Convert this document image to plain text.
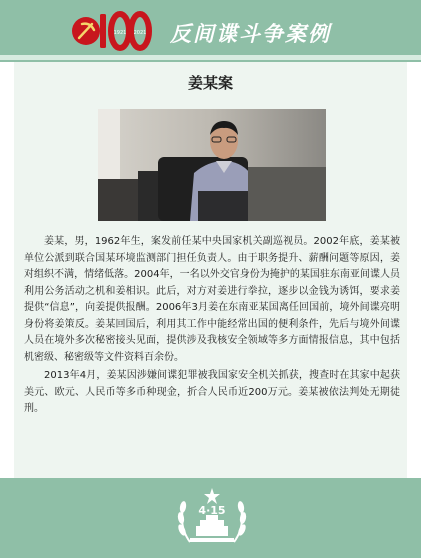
1921 2021 反间谍斗争案例
姜某案

姜某，男，1962年生，案发前任某中央国家机关副巡视员。2002年底，姜某被单位公派到联合国某环境监测部门担任负责人。由于职务提升、薪酬问题等原因，姜对组织不满，情绪低落。2004年，一名以外交官身份为掩护的某国驻东南亚间谍人员利用公务活动之机和姜相识。此后，对方对姜进行拳拉，逐步以金钱为诱饵，要求姜提供“信息”，向姜提供报酬。2006年3月姜在东南亚某国离任回国前，境外间谍亮明身份将姜策反。姜某回国后，利用其工作中能经常出国的便利条件，先后与境外间谍人员在境外多次秘密接头见面，提供涉及我核安全领域等多方面情报信息，其中包括机密级、秘密级等文件资料百余份。

2013年4月，姜某因涉嫌间谍犯罪被我国家安全机关抓获，搜查时在其家中起获美元、欧元、人民币等多币种现金，折合人民币近200万元。姜某被依法判处无期徒刑。

4·15
